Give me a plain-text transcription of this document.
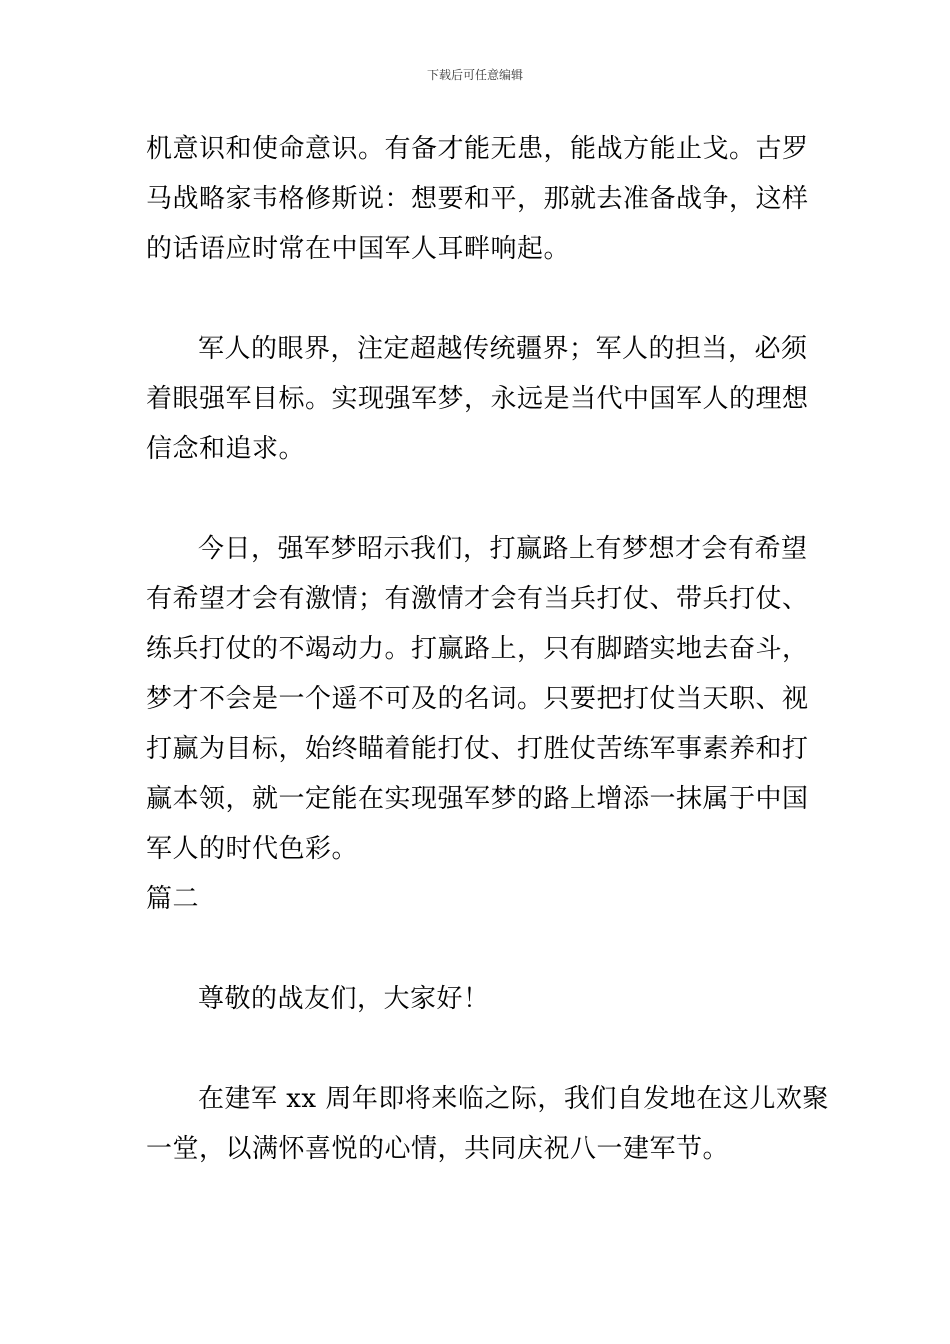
下载后可任意编辑
机意识和使命意识。有备才能无患，能战方能止戈。古罗
马战略家韦格修斯说：想要和平，那就去准备战争，这样
的话语应时常在中国军人耳畔响起。
军人的眼界，注定超越传统疆界；军人的担当，必须
着眼强军目标。实现强军梦，永远是当代中国军人的理想
信念和追求。
今日，强军梦昭示我们，打赢路上有梦想才会有希望
有希望才会有激情；有激情才会有当兵打仗、带兵打仗、
练兵打仗的不竭动力。打赢路上，只有脚踏实地去奋斗，
梦才不会是一个遥不可及的名词。只要把打仗当天职、视
打赢为目标，始终瞄着能打仗、打胜仗苦练军事素养和打
赢本领，就一定能在实现强军梦的路上增添一抹属于中国
军人的时代色彩。
篇二
尊敬的战友们，大家好！
在建军 xx 周年即将来临之际，我们自发地在这儿欢聚
一堂，以满怀喜悦的心情，共同庆祝八一建军节。
